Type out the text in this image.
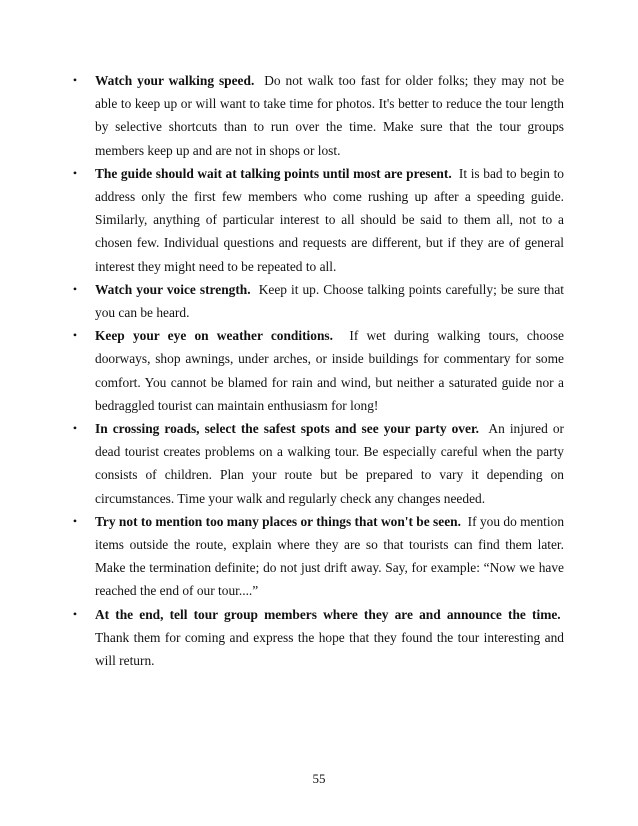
• Watch your walking speed. Do not walk too fast for older folks; they may not be able to keep up or will want to take time for photos. It's better to reduce the tour length by selective shortcuts than to run over the time. Make sure that the tour groups members keep up and are not in shops or lost.
• The guide should wait at talking points until most are present. It is bad to begin to address only the first few members who come rushing up after a speeding guide. Similarly, anything of particular interest to all should be said to them all, not to a chosen few. Individual questions and requests are different, but if they are of general interest they might need to be repeated to all.
• Watch your voice strength. Keep it up. Choose talking points carefully; be sure that you can be heard.
• Keep your eye on weather conditions. If wet during walking tours, choose doorways, shop awnings, under arches, or inside buildings for commentary for some comfort. You cannot be blamed for rain and wind, but neither a saturated guide nor a bedraggled tourist can maintain enthusiasm for long!
• In crossing roads, select the safest spots and see your party over. An injured or dead tourist creates problems on a walking tour. Be especially careful when the party consists of children. Plan your route but be prepared to vary it depending on circumstances. Time your walk and regularly check any changes needed.
• Try not to mention too many places or things that won't be seen. If you do mention items outside the route, explain where they are so that tourists can find them later. Make the termination definite; do not just drift away. Say, for example: “Now we have reached the end of our tour....”
• At the end, tell tour group members where they are and announce the time.  Thank them for coming and express the hope that they found the tour interesting and will return.
55
